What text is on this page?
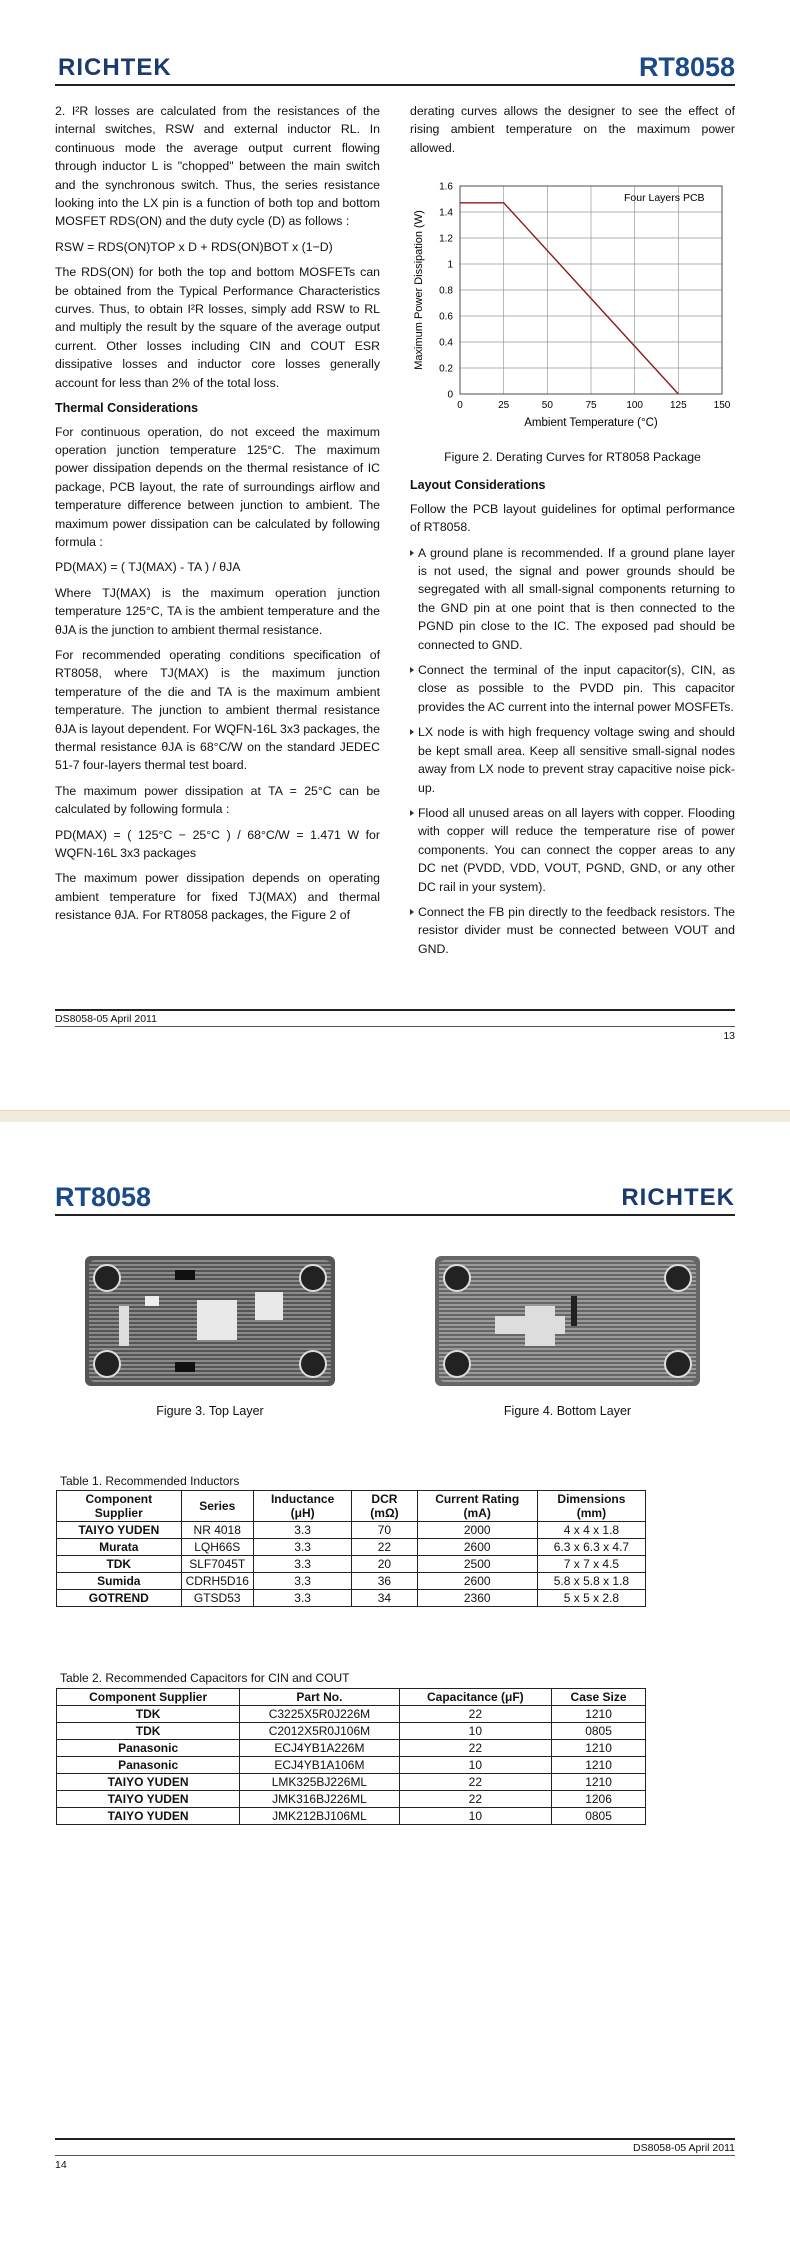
RICHTEK	RT8058

2. I²R losses are calculated from the resistances of the internal switches, RSW and external inductor RL. In continuous mode the average output current flowing through inductor L is "chopped" between the main switch and the synchronous switch. Thus, the series resistance looking into the LX pin is a function of both top and bottom MOSFET RDS(ON) and the duty cycle (D) as follows :

RSW = RDS(ON)TOP x D + RDS(ON)BOT x (1−D)

The RDS(ON) for both the top and bottom MOSFETs can be obtained from the Typical Performance Characteristics curves. Thus, to obtain I²R losses, simply add RSW to RL and multiply the result by the square of the average output current. Other losses including CIN and COUT ESR dissipative losses and inductor core losses generally account for less than 2% of the total loss.

Thermal Considerations

For continuous operation, do not exceed the maximum operation junction temperature 125°C. The maximum power dissipation depends on the thermal resistance of IC package, PCB layout, the rate of surroundings airflow and temperature difference between junction to ambient. The maximum power dissipation can be calculated by following formula :

PD(MAX) = ( TJ(MAX) - TA ) / θJA

Where TJ(MAX) is the maximum operation junction temperature 125°C, TA is the ambient temperature and the θJA is the junction to ambient thermal resistance.

For recommended operating conditions specification of RT8058, where TJ(MAX) is the maximum junction temperature of the die and TA is the maximum ambient temperature. The junction to ambient thermal resistance θJA is layout dependent. For WQFN-16L 3x3 packages, the thermal resistance θJA is 68°C/W on the standard JEDEC 51-7 four-layers thermal test board.

The maximum power dissipation at TA = 25°C can be calculated by following formula :

PD(MAX) = ( 125°C − 25°C ) / 68°C/W = 1.471 W for WQFN-16L 3x3 packages

The maximum power dissipation depends on operating ambient temperature for fixed TJ(MAX) and thermal resistance θJA. For RT8058 packages, the Figure 2 of

derating curves allows the designer to see the effect of rising ambient temperature on the maximum power allowed.

0	25	50	75	100	125	150
0
0.2
0.4
0.6
0.8
1
1.2
1.4
1.6
Four Layers PCB
Ambient Temperature (°C)
Maximum Power Dissipation (W)

Figure 2. Derating Curves for RT8058 Package

Layout Considerations

Follow the PCB layout guidelines for optimal performance of RT8058.

A ground plane is recommended. If a ground plane layer is not used, the signal and power grounds should be segregated with all small-signal components returning to the GND pin at one point that is then connected to the PGND pin close to the IC. The exposed pad should be connected to GND.
Connect the terminal of the input capacitor(s), CIN, as close as possible to the PVDD pin. This capacitor provides the AC current into the internal power MOSFETs.
LX node is with high frequency voltage swing and should be kept small area. Keep all sensitive small-signal nodes away from LX node to prevent stray capacitive noise pick-up.
Flood all unused areas on all layers with copper. Flooding with copper will reduce the temperature rise of power components. You can connect the copper areas to any DC net (PVDD, VDD, VOUT, PGND, GND, or any other DC rail in your system).
Connect the FB pin directly to the feedback resistors. The resistor divider must be connected between VOUT and GND.
DS8058-05 April 2011
13
RT8058	RICHTEK
Figure 3. Top Layer	Figure 4. Bottom Layer
Table 1. Recommended Inductors
Component Supplier	Series	Inductance (μH)	DCR (mΩ)	Current Rating (mA)	Dimensions (mm)
TAIYO YUDEN	NR 4018	3.3	70	2000	4 x 4 x 1.8
Murata	LQH66S	3.3	22	2600	6.3 x 6.3 x 4.7
TDK	SLF7045T	3.3	20	2500	7 x 7 x 4.5
Sumida	CDRH5D16	3.3	36	2600	5.8 x 5.8 x 1.8
GOTREND	GTSD53	3.3	34	2360	5 x 5 x 2.8
Table 2. Recommended Capacitors for CIN and COUT
Component Supplier	Part No.	Capacitance (μF)	Case Size
TDK	C3225X5R0J226M	22	1210
TDK	C2012X5R0J106M	10	0805
Panasonic	ECJ4YB1A226M	22	1210
Panasonic	ECJ4YB1A106M	10	1210
TAIYO YUDEN	LMK325BJ226ML	22	1210
TAIYO YUDEN	JMK316BJ226ML	22	1206
TAIYO YUDEN	JMK212BJ106ML	10	0805
DS8058-05 April 2011
14
